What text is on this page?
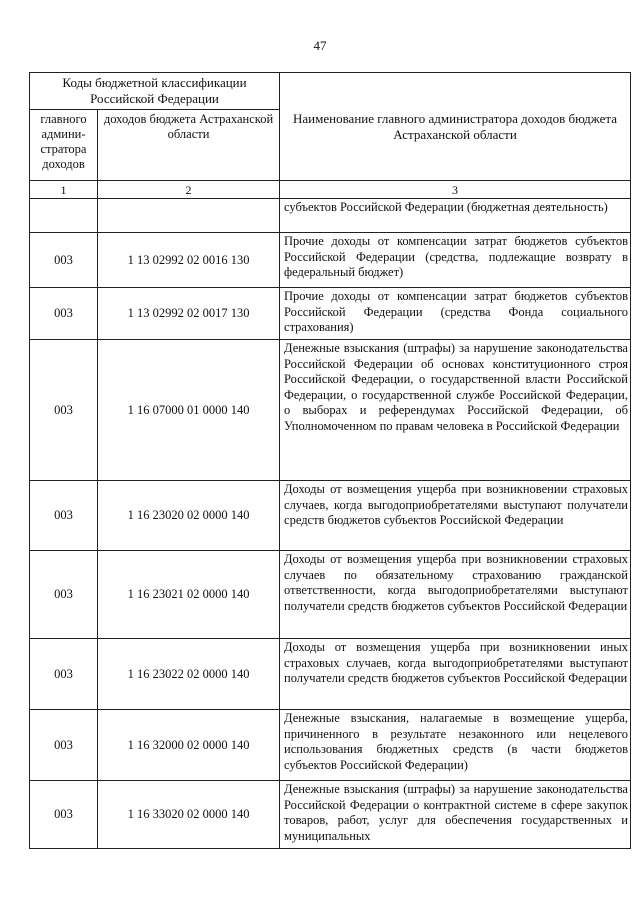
47
Коды бюджетной классификации Российской Федерации		Наименование главного администратора доходов бюджета Астраханской области
главного админи-стратора доходов	доходов бюджета Астраханской области	
1	2	3
		субъектов Российской Федерации (бюджетная деятельность)
003	1 13 02992 02 0016 130	Прочие доходы от компенсации затрат бюджетов субъектов Российской Федерации (средства, подлежащие возврату в федеральный бюджет)
003	1 13 02992 02 0017 130	Прочие доходы от компенсации затрат бюджетов субъектов Российской Федерации (средства Фонда социального страхования)
003	1 16 07000 01 0000 140	Денежные взыскания (штрафы) за нарушение законодательства Российской Федерации об основах конституционного строя Российской Федерации, о государственной власти Российской Федерации, о государственной службе Российской Федерации, о выборах и референдумах Российской Федерации, об Уполномоченном по правам человека в Российской Федерации
003	1 16 23020 02 0000 140	Доходы от возмещения ущерба при возникновении страховых случаев, когда выгодоприобретателями выступают получатели средств бюджетов субъектов Российской Федерации
003	1 16 23021 02 0000 140	Доходы от возмещения ущерба при возникновении страховых случаев по обязательному страхованию гражданской ответственности, когда выгодоприобретателями выступают получатели средств бюджетов субъектов Российской Федерации
003	1 16 23022 02 0000 140	Доходы от возмещения ущерба при возникновении иных страховых случаев, когда выгодоприобретателями выступают получатели средств бюджетов субъектов Российской Федерации
003	1 16 32000 02 0000 140	Денежные взыскания, налагаемые в возмещение ущерба, причиненного в результате незаконного или нецелевого использования бюджетных средств (в части бюджетов субъектов Российской Федерации)
003	1 16 33020 02 0000 140	Денежные взыскания (штрафы) за нарушение законодательства Российской Федерации о контрактной системе в сфере закупок товаров, работ, услуг для обеспечения государственных и муниципальных
